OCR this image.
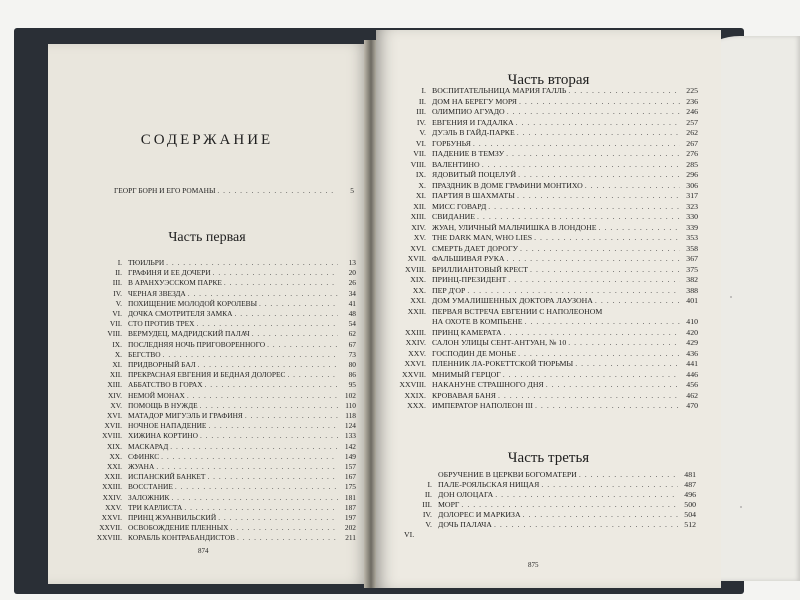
СОДЕРЖАНИЕ
ГЕОРГ БОРН И ЕГО РОМАНЫ . . .	5
Часть первая
I. ТЮИЛЬРИ . . .	13
II. ГРАФИНЯ И ЕЕ ДОЧЕРИ . . .	20
III. В АРАНХУЭССКОМ ПАРКЕ . . .	26
IV. ЧЕРНАЯ ЗВЕЗДА . . .	34
V. ПОХИЩЕНИЕ МОЛОДОЙ КОРОЛЕВЫ . . .	41
VI. ДОЧКА СМОТРИТЕЛЯ ЗАМКА . . .	48
VII. СТО ПРОТИВ ТРЕХ . . .	54
VIII. ВЕРМУДЕЦ, МАДРИДСКИЙ ПАЛАЧ . . .	62
IX. ПОСЛЕДНЯЯ НОЧЬ ПРИГОВОРЕННОГО . . .	67
X. БЕГСТВО . . .	73
XI. ПРИДВОРНЫЙ БАЛ . . .	80
XII. ПРЕКРАСНАЯ ЕВГЕНИЯ И БЕДНАЯ ДОЛОРЕС . . .	86
XIII. АББАТСТВО В ГОРАХ . . .	95
XIV. НЕМОЙ МОНАХ . . .	102
XV. ПОМОЩЬ В НУЖДЕ . . .	110
XVI. МАТАДОР МИГУЭЛЬ И ГРАФИНЯ . . .	118
XVII. НОЧНОЕ НАПАДЕНИЕ . . .	124
XVIII. ХИЖИНА КОРТИНО . . .	133
XIX. МАСКАРАД . . .	142
XX. СФИНКС . . .	149
XXI. ЖУАНА . . .	157
XXII. ИСПАНСКИЙ БАНКЕТ . . .	167
XXIII. ВОССТАНИЕ . . .	175
XXIV. ЗАЛОЖНИК . . .	181
XXV. ТРИ КАРЛИСТА . . .	187
XXVI. ПРИНЦ ЖУАНВИЛЬСКИЙ . . .	197
XXVII. ОСВОБОЖДЕНИЕ ПЛЕННЫХ . . .	202
XXVIII. КОРАБЛЬ КОНТРАБАНДИСТОВ . . .	211
874
Часть вторая
I. ВОСПИТАТЕЛЬНИЦА МАРИЯ ГАЛЛЬ . . .	225
II. ДОМ НА БЕРЕГУ МОРЯ . . .	236
III. ОЛИМПИО АГУАДО . . .	246
IV. ЕВГЕНИЯ И ГАДАЛКА . . .	257
V. ДУЭЛЬ В ГАЙД-ПАРКЕ . . .	262
VI. ГОРБУНЬЯ . . .	267
VII. ПАДЕНИЕ В ТЕМЗУ . . .	276
VIII. ВАЛЕНТИНО . . .	285
IX. ЯДОВИТЫЙ ПОЦЕЛУЙ . . .	296
X. ПРАЗДНИК В ДОМЕ ГРАФИНИ МОНТИХО . . .	306
XI. ПАРТИЯ В ШАХМАТЫ . . .	317
XII. МИСС ГОВАРД . . .	323
XIII. СВИДАНИЕ . . .	330
XIV. ЖУАН, УЛИЧНЫЙ МАЛЬЧИШКА В ЛОНДОНЕ . . .	339
XV. THE DARK MAN, WHO LIES . . .	353
XVI. СМЕРТЬ ДАЕТ ДОРОГУ . . .	358
XVII. ФАЛЬШИВАЯ РУКА . . .	367
XVIII. БРИЛЛИАНТОВЫЙ КРЕСТ . . .	375
XIX. ПРИНЦ-ПРЕЗИДЕНТ . . .	382
XX. ПЕР Д'ОР . . .	388
XXI. ДОМ УМАЛИШЕННЫХ ДОКТОРА ЛАУЗОНА . . .	401
XXII. ПЕРВАЯ ВСТРЕЧА ЕВГЕНИИ С НАПОЛЕОНОМ
НА ОХОТЕ В КОМПЬЕНЕ . . .	410
XXIII. ПРИНЦ КАМЕРАТА . . .	420
XXIV. САЛОН УЛИЦЫ СЕНТ-АНТУАН, № 10 . . .	429
XXV. ГОСПОДИН ДЕ МОНЬЕ . . .	436
XXVI. ПЛЕННИК ЛА-РОКЕТТСКОЙ ТЮРЬМЫ . . .	441
XXVII. МНИМЫЙ ГЕРЦОГ . . .	446
XXVIII. НАКАНУНЕ СТРАШНОГО ДНЯ . . .	456
XXIX. КРОВАВАЯ БАНЯ . . .	462
XXX. ИМПЕРАТОР НАПОЛЕОН III . . .	470
Часть третья
ОБРУЧЕНИЕ В ЦЕРКВИ БОГОМАТЕРИ . . .	481
I. ПАЛЕ-РОЯЛЬСКАЯ НИЩАЯ . . .	487
II. ДОН ОЛОЦАГА . . .	496
III. МОРГ . . .	500
IV. ДОЛОРЕС И МАРКИЗА . . .	504
V. ДОЧЬ ПАЛАЧА . . .	512
VI.
875
